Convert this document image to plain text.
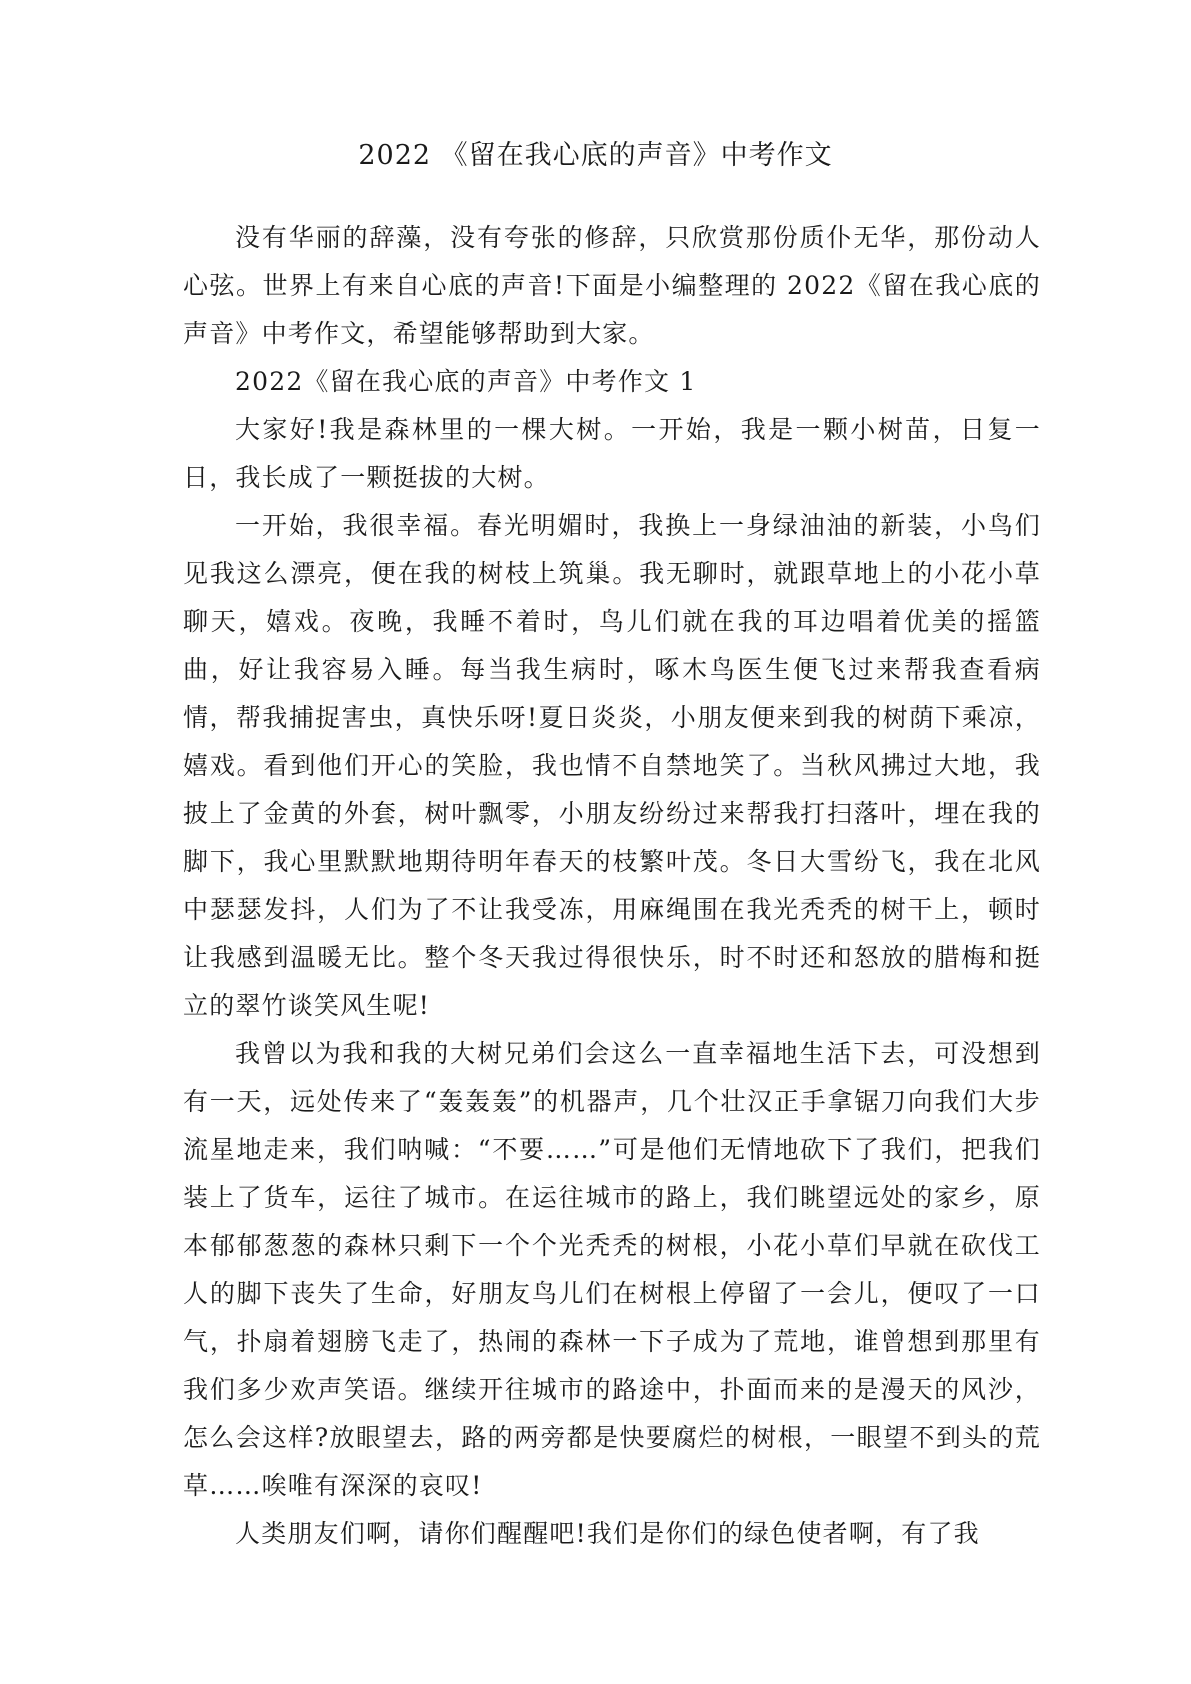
2022 《留在我心底的声音》中考作文

没有华丽的辞藻，没有夸张的修辞，只欣赏那份质仆无华，那份动人心弦。世界上有来自心底的声音!下面是小编整理的 2022《留在我心底的声音》中考作文，希望能够帮助到大家。

2022《留在我心底的声音》中考作文 1

大家好!我是森林里的一棵大树。一开始，我是一颗小树苗，日复一日，我长成了一颗挺拔的大树。

一开始，我很幸福。春光明媚时，我换上一身绿油油的新装，小鸟们见我这么漂亮，便在我的树枝上筑巢。我无聊时，就跟草地上的小花小草聊天，嬉戏。夜晚，我睡不着时，鸟儿们就在我的耳边唱着优美的摇篮曲，好让我容易入睡。每当我生病时，啄木鸟医生便飞过来帮我查看病情，帮我捕捉害虫，真快乐呀!夏日炎炎，小朋友便来到我的树荫下乘凉，嬉戏。看到他们开心的笑脸，我也情不自禁地笑了。当秋风拂过大地，我披上了金黄的外套，树叶飘零，小朋友纷纷过来帮我打扫落叶，埋在我的脚下，我心里默默地期待明年春天的枝繁叶茂。冬日大雪纷飞，我在北风中瑟瑟发抖，人们为了不让我受冻，用麻绳围在我光秃秃的树干上，顿时让我感到温暖无比。整个冬天我过得很快乐，时不时还和怒放的腊梅和挺立的翠竹谈笑风生呢!

我曾以为我和我的大树兄弟们会这么一直幸福地生活下去，可没想到有一天，远处传来了“轰轰轰”的机器声，几个壮汉正手拿锯刀向我们大步流星地走来，我们呐喊：“不要……”可是他们无情地砍下了我们，把我们装上了货车，运往了城市。在运往城市的路上，我们眺望远处的家乡，原本郁郁葱葱的森林只剩下一个个光秃秃的树根，小花小草们早就在砍伐工人的脚下丧失了生命，好朋友鸟儿们在树根上停留了一会儿，便叹了一口气，扑扇着翅膀飞走了，热闹的森林一下子成为了荒地，谁曾想到那里有我们多少欢声笑语。继续开往城市的路途中，扑面而来的是漫天的风沙，怎么会这样?放眼望去，路的两旁都是快要腐烂的树根，一眼望不到头的荒草……唉唯有深深的哀叹!

人类朋友们啊，请你们醒醒吧!我们是你们的绿色使者啊，有了我
